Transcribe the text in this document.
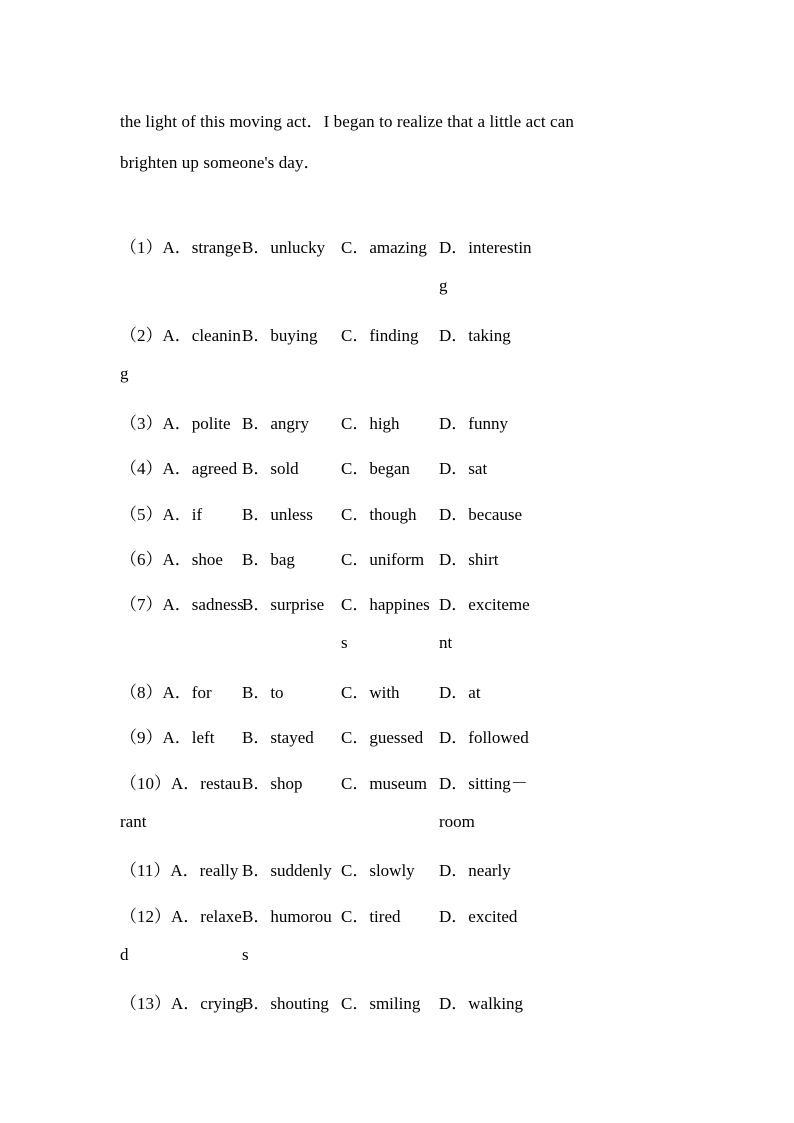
the light of this moving act．I began to realize that a little act can
brighten up someone's day．
（1）A．strange B．unlucky C．amazing D．interestin
g
（2）A．cleanin
g
B．buying C．finding D．taking
（3）A．polite B．angry C．high D．funny
（4）A．agreed B．sold C．began D．sat
（5）A．if B．unless C．though D．because
（6）A．shoe B．bag	C．uniform D．shirt
（7）A．sadness
B．surprise C．happines
s
D．exciteme
nt
（8）A．for B．to	C．with D．at
（9）A．left B．stayed C．guessed D．followed
（10）A．restau
rant
B．shop C．museum D．sitting－
room
（11）A．really B．suddenly C．slowly D．nearly
（12）A．relaxe
d
B．humorou
s
C．tired D．excited
（13）A．crying
B．shouting C．smiling D．walking
